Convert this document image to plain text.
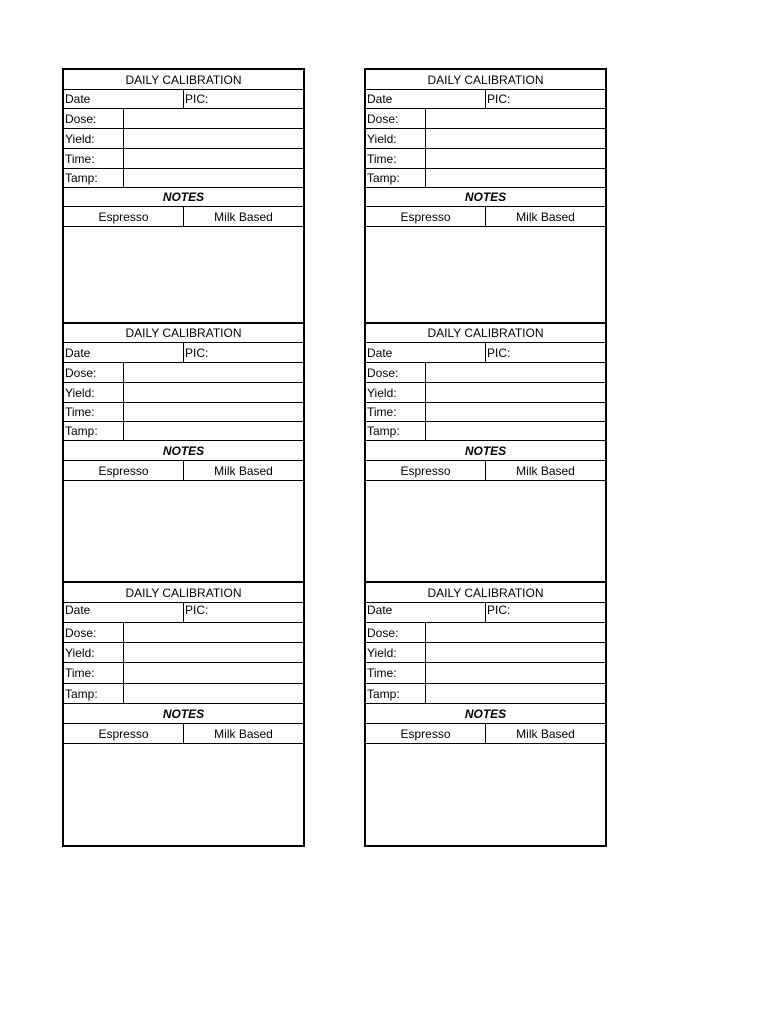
DAILY CALIBRATION
Date	PIC:
Dose:
Yield:
Time:
Tamp:
NOTES
Espresso	Milk Based
DAILY CALIBRATION
Date	PIC:
Dose:
Yield:
Time:
Tamp:
NOTES
Espresso	Milk Based
DAILY CALIBRATION
Date	PIC:
Dose:
Yield:
Time:
Tamp:
NOTES
Espresso	Milk Based
DAILY CALIBRATION
Date	PIC:
Dose:
Yield:
Time:
Tamp:
NOTES
Espresso	Milk Based
DAILY CALIBRATION
Date	PIC:
Dose:
Yield:
Time:
Tamp:
NOTES
Espresso	Milk Based
DAILY CALIBRATION
Date	PIC:
Dose:
Yield:
Time:
Tamp:
NOTES
Espresso	Milk Based
